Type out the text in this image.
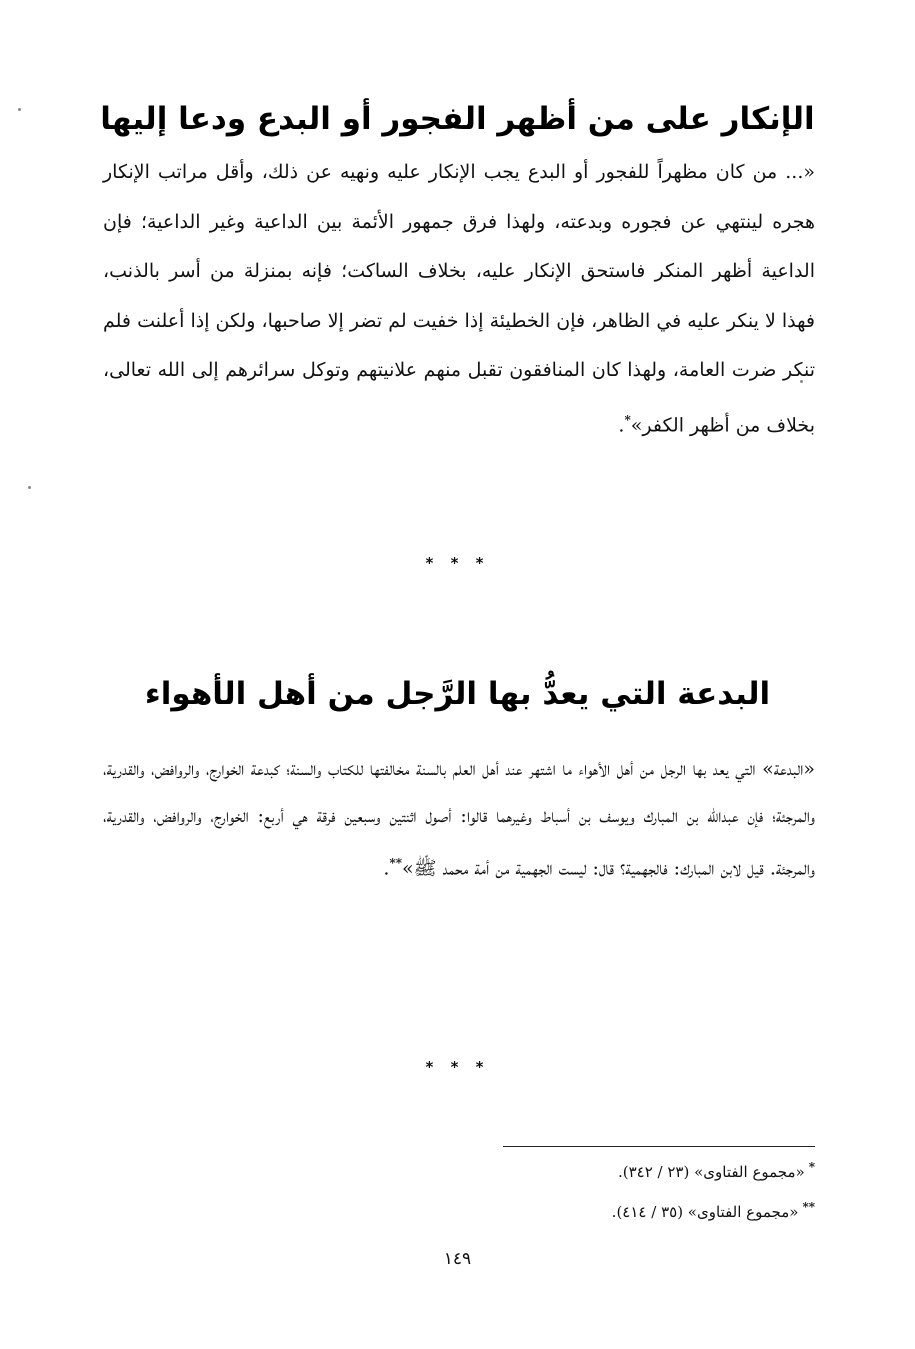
الإنكار على من أظهر الفجور أو البدع ودعا إليها

«... من كان مظهراً للفجور أو البدع يجب الإنكار عليه ونهيه عن ذلك، وأقل مراتب الإنكار هجره لينتهي عن فجوره وبدعته، ولهذا فرق جمهور الأئمة بين الداعية وغير الداعية؛ فإن الداعية أظهر المنكر فاستحق الإنكار عليه، بخلاف الساكت؛ فإنه بمنزلة من أسر بالذنب، فهذا لا ينكر عليه في الظاهر، فإن الخطيئة إذا خفيت لم تضر إلا صاحبها، ولكن إذا أعلنت فلم تنكر ضرت العامة، ولهذا كان المنافقون تقبل منهم علانيتهم وتوكل سرائرهم إلى الله تعالى، بخلاف من أظهر الكفر»*.

* * *
البدعة التي يعدُّ بها الرَّجل من أهل الأهواء

«البدعة» التي يعد بها الرجل من أهل الأهواء ما اشتهر عند أهل العلم بالسنة مخالفتها للكتاب والسنة؛ كبدعة الخوارج، والروافض، والقدرية، والمرجئة؛ فإن عبدالله بن المبارك ويوسف بن أسباط وغيرهما قالوا: أصول اثنتين وسبعين فرقة هي أربع: الخوارج، والروافض، والقدرية، والمرجئة. قيل لابن المبارك: فالجهمية؟ قال: ليست الجهمية من أمة محمد ﷺ»**.

* * *
*«مجموع الفتاوى» (٢٣ / ٣٤٢).
**«مجموع الفتاوى» (٣٥ / ٤١٤).
١٤٩
